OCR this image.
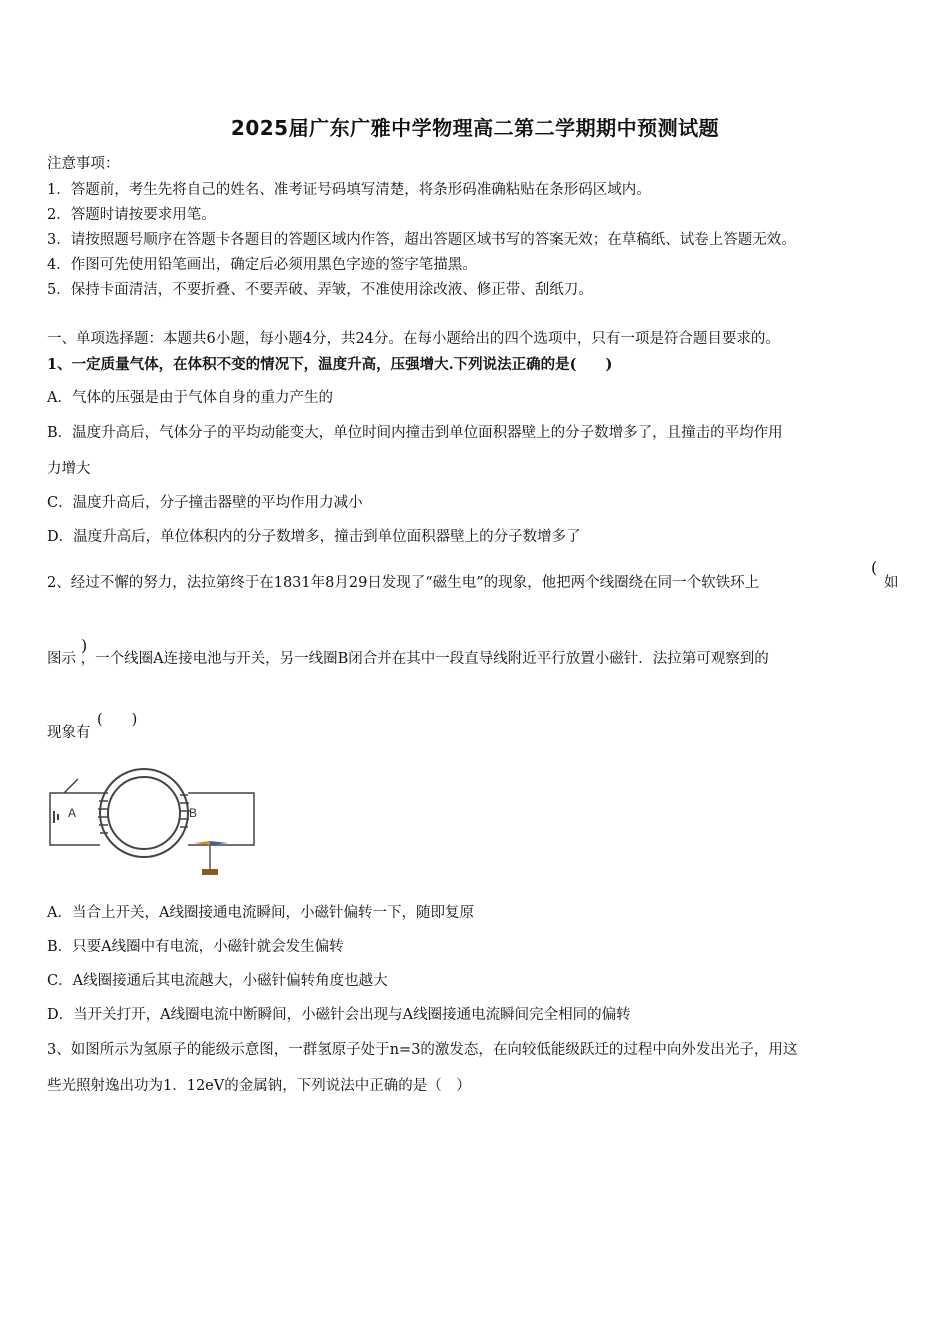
2025届广东广雅中学物理高二第二学期期中预测试题
注意事项：
1．答题前，考生先将自己的姓名、准考证号码填写清楚，将条形码准确粘贴在条形码区域内。
2．答题时请按要求用笔。
3．请按照题号顺序在答题卡各题目的答题区域内作答，超出答题区域书写的答案无效；在草稿纸、试卷上答题无效。
4．作图可先使用铅笔画出，确定后必须用黑色字迹的签字笔描黑。
5．保持卡面清洁，不要折叠、不要弄破、弄皱，不准使用涂改液、修正带、刮纸刀。
一、单项选择题：本题共6小题，每小题4分，共24分。在每小题给出的四个选项中，只有一项是符合题目要求的。
1、一定质量气体，在体积不变的情况下，温度升高，压强增大.下列说法正确的是(　　)
A．气体的压强是由于气体自身的重力产生的
B．温度升高后，气体分子的平均动能变大，单位时间内撞击到单位面积器壁上的分子数增多了，且撞击的平均作用
力增大
C．温度升高后，分子撞击器壁的平均作用力减小
D．温度升高后，单位体积内的分子数增多，撞击到单位面积器壁上的分子数增多了
2、经过不懈的努力，法拉第终于在1831年8月29日发现了“磁生电”的现象，他把两个线圈绕在同一个软铁环上
(
如
)
图示 ，一个线圈A连接电池与开关，另一线圈B闭合并在其中一段直导线附近平行放置小磁针．法拉第可观察到的
现象有
(　　)
A	B
A．当合上开关，A线圈接通电流瞬间，小磁针偏转一下，随即复原
B．只要A线圈中有电流，小磁针就会发生偏转
C．A线圈接通后其电流越大，小磁针偏转角度也越大
D．当开关打开，A线圈电流中断瞬间，小磁针会出现与A线圈接通电流瞬间完全相同的偏转
3、如图所示为氢原子的能级示意图，一群氢原子处于n=3的激发态，在向较低能级跃迁的过程中向外发出光子，用这
些光照射逸出功为1．12eV的金属钠，下列说法中正确的是（　）
